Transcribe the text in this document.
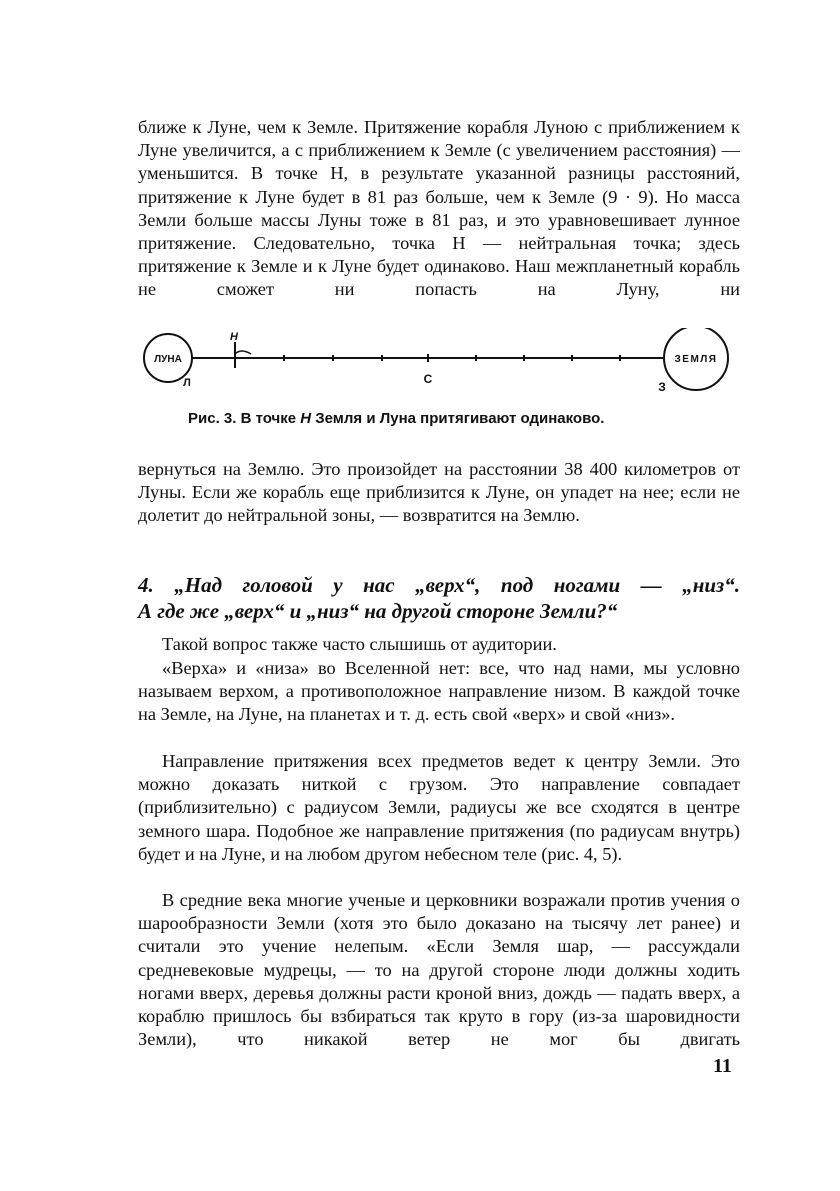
ближе к Луне, чем к Земле. Притяжение корабля Луною с приближением к Луне увеличится, а с приближением к Земле (с увеличением расстояния) — уменьшится. В точке Н, в результате указанной разницы расстояний, притяжение к Луне будет в 81 раз больше, чем к Земле (9 · 9). Но масса Земли больше массы Луны тоже в 81 раз, и это уравновешивает лунное притяжение. Следовательно, точка Н — нейтральная точка; здесь притяжение к Земле и к Луне будет одинаково. Наш межпланетный корабль не сможет ни попасть на Луну, ни

ЛУНА	ЗЕМЛЯ
Н
С
Л	З

Рис. 3. В точке Н Земля и Луна притягивают одинаково.

вернуться на Землю. Это произойдет на расстоянии 38 400 километров от Луны. Если же корабль еще приблизится к Луне, он упадет на нее; если не долетит до нейтральной зоны, — возвратится на Землю.

4. „Над головой у нас „верх“, под ногами — „низ“.
А где же „верх“ и „низ“ на другой стороне Земли?“

Такой вопрос также часто слышишь от аудитории.

«Верха» и «низа» во Вселенной нет: все, что над нами, мы условно называем верхом, а противоположное направление низом. В каждой точке на Земле, на Луне, на планетах и т. д. есть свой «верх» и свой «низ».

Направление притяжения всех предметов ведет к центру Земли. Это можно доказать ниткой с грузом. Это направление совпадает (приблизительно) с радиусом Земли, радиусы же все сходятся в центре земного шара. Подобное же направление притяжения (по радиусам внутрь) будет и на Луне, и на любом другом небесном теле (рис. 4, 5).

В средние века многие ученые и церковники возражали против учения о шарообразности Земли (хотя это было доказано на тысячу лет ранее) и считали это учение нелепым. «Если Земля шар, — рассуждали средневековые мудрецы, — то на другой стороне люди должны ходить ногами вверх, деревья должны расти кроной вниз, дождь — падать вверх, а кораблю пришлось бы взбираться так круто в гору (из-за шаровидности Земли), что никакой ветер не мог бы двигать

11
